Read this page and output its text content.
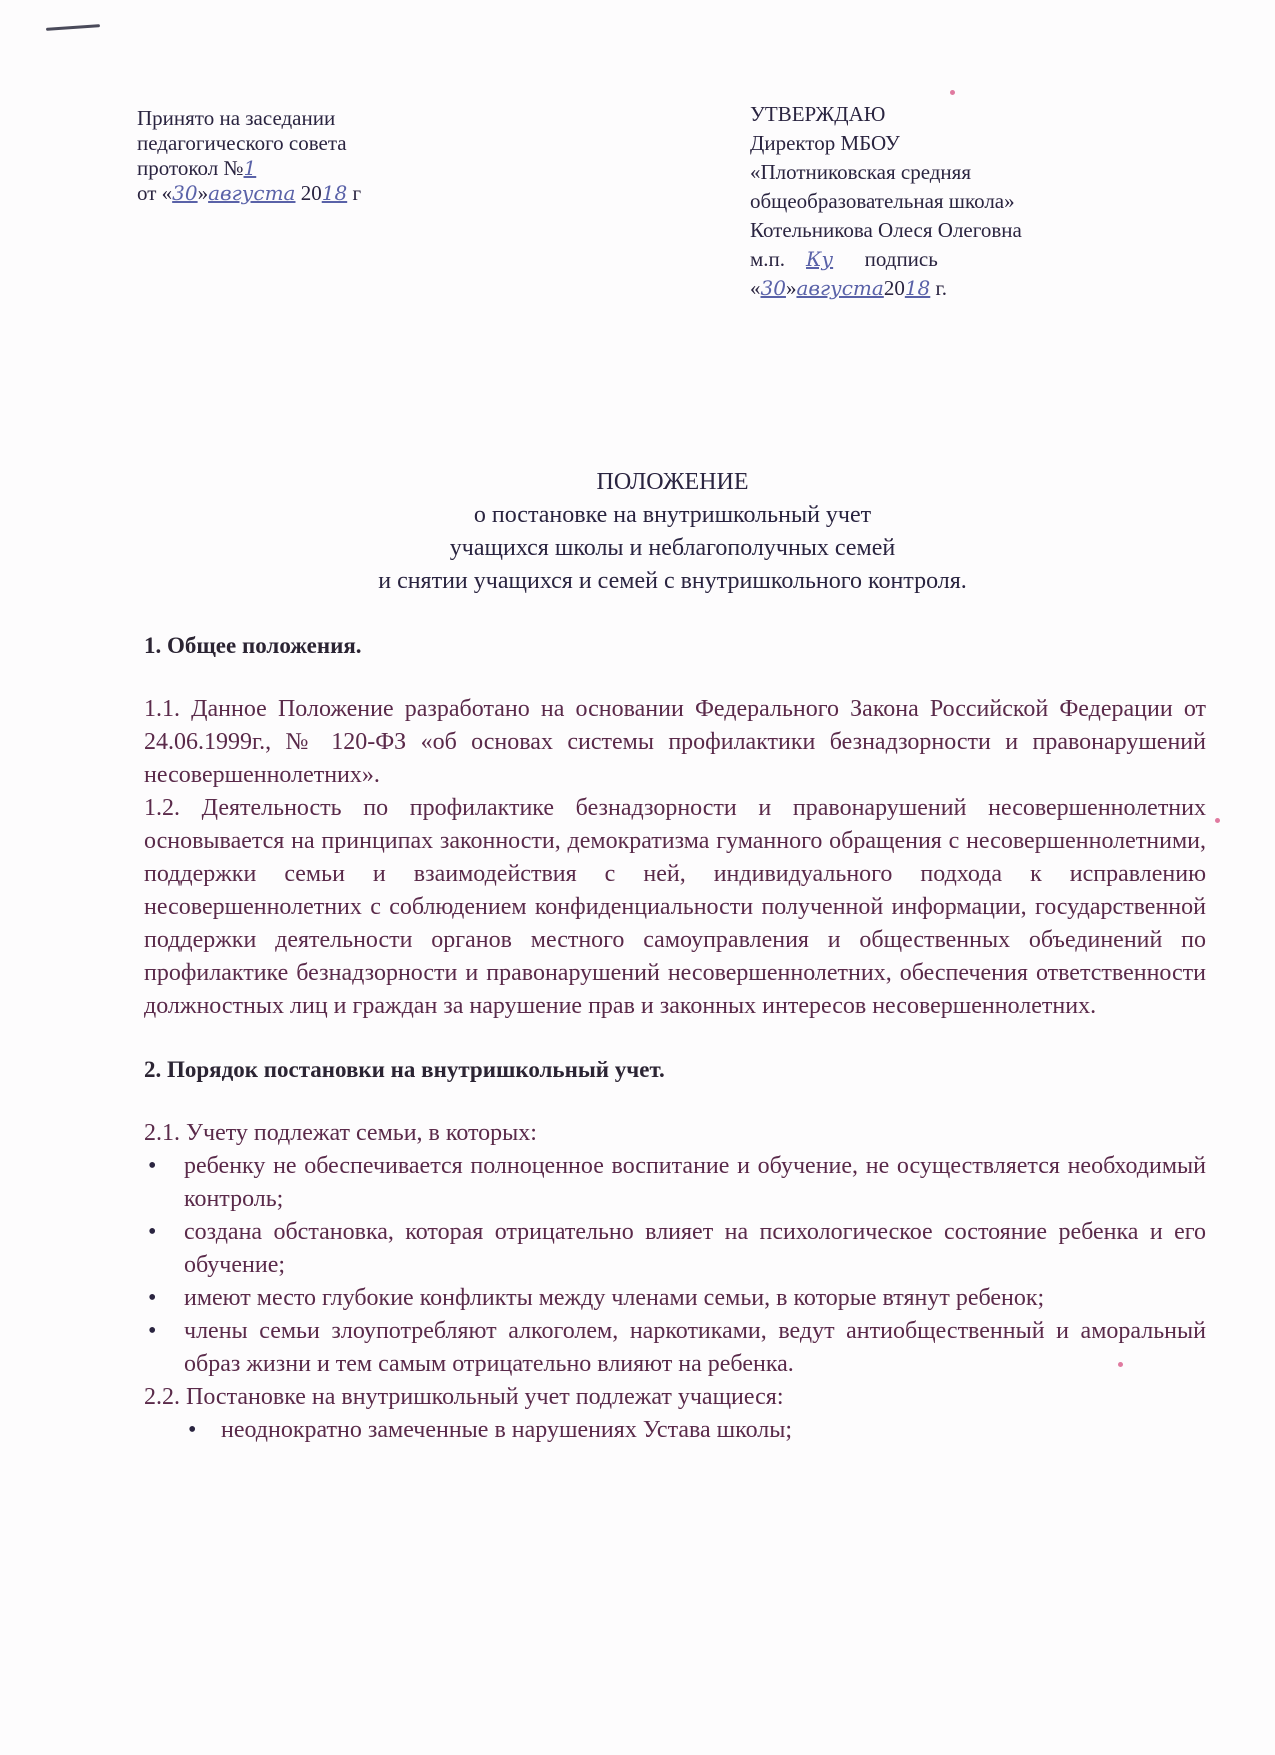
Принято на заседании
педагогического совета
протокол №1
от «30»августа 2018 г
УТВЕРЖДАЮ
Директор МБОУ
«Плотниковская средняя
общеобразовательная школа»
Котельникова Олеся Олеговна
м.п. Ку подпись
«30»августа2018 г.
ПОЛОЖЕНИЕ
о постановке на внутришкольный учет
учащихся школы и неблагополучных семей
и снятии учащихся и семей с внутришкольного контроля.

1. Общее положения.

1.1. Данное Положение разработано на основании Федерального Закона Российской Федерации от 24.06.1999г., № 120-ФЗ «об основах системы профилактики безнадзорности и правонарушений несовершеннолетних».

1.2. Деятельность по профилактике безнадзорности и правонарушений несовершеннолетних основывается на принципах законности, демократизма гуманного обращения с несовершеннолетними, поддержки семьи и взаимодействия с ней, индивидуального подхода к исправлению несовершеннолетних с соблюдением конфиденциальности полученной информации, государственной поддержки деятельности органов местного самоуправления и общественных объединений по профилактике безнадзорности и правонарушений несовершеннолетних, обеспечения ответственности должностных лиц и граждан за нарушение прав и законных интересов несовершеннолетних.

2. Порядок постановки на внутришкольный учет.

2.1. Учету подлежат семьи, в которых:

• ребенку не обеспечивается полноценное воспитание и обучение, не осуществляется необходимый контроль;
• создана обстановка, которая отрицательно влияет на психологическое состояние ребенка и его обучение;
• имеют место глубокие конфликты между членами семьи, в которые втянут ребенок;
• члены семьи злоупотребляют алкоголем, наркотиками, ведут антиобщественный и аморальный образ жизни и тем самым отрицательно влияют на ребенка.

2.2. Постановке на внутришкольный учет подлежат учащиеся:

• неоднократно замеченные в нарушениях Устава школы;
